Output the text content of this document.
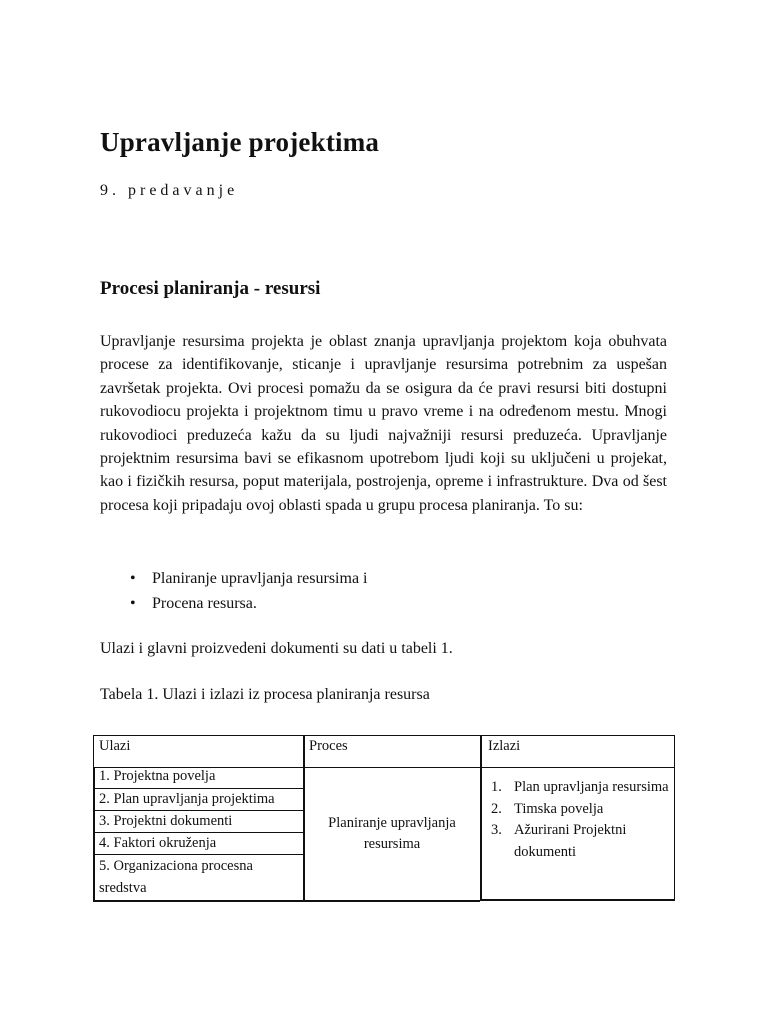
Upravljanje projektima

9. predavanje

Procesi planiranja - resursi

Upravljanje resursima projekta je oblast znanja upravljanja projektom koja obuhvata procese za identifikovanje, sticanje i upravljanje resursima potrebnim za uspešan završetak projekta. Ovi procesi pomažu da se osigura da će pravi resursi biti dostupni rukovodiocu projekta i projektnom timu u pravo vreme i na određenom mestu. Mnogi rukovodioci preduzeća kažu da su ljudi najvažniji resursi preduzeća. Upravljanje projektnim resursima bavi se efikasnom upotrebom ljudi koji su uključeni u projekat, kao i fizičkih resursa, poput materijala, postrojenja, opreme i infrastrukture. Dva od šest procesa koji pripadaju ovoj oblasti spada u grupu procesa planiranja. To su:

• Planiranje upravljanja resursima i
• Procena resursa.

Ulazi i glavni proizvedeni dokumenti su dati u tabeli 1.

Tabela 1. Ulazi i izlazi iz procesa planiranja resursa

Ulazi	Proces	Izlazi
1. Projektna povelja
2. Plan upravljanja projektima
3. Projektni dokumenti
4. Faktori okruženja
5. Organizaciona procesna sredstva
Planiranje upravljanja resursima
1. Plan upravljanja resursima
2. Timska povelja
3. Ažurirani Projektni dokumenti
